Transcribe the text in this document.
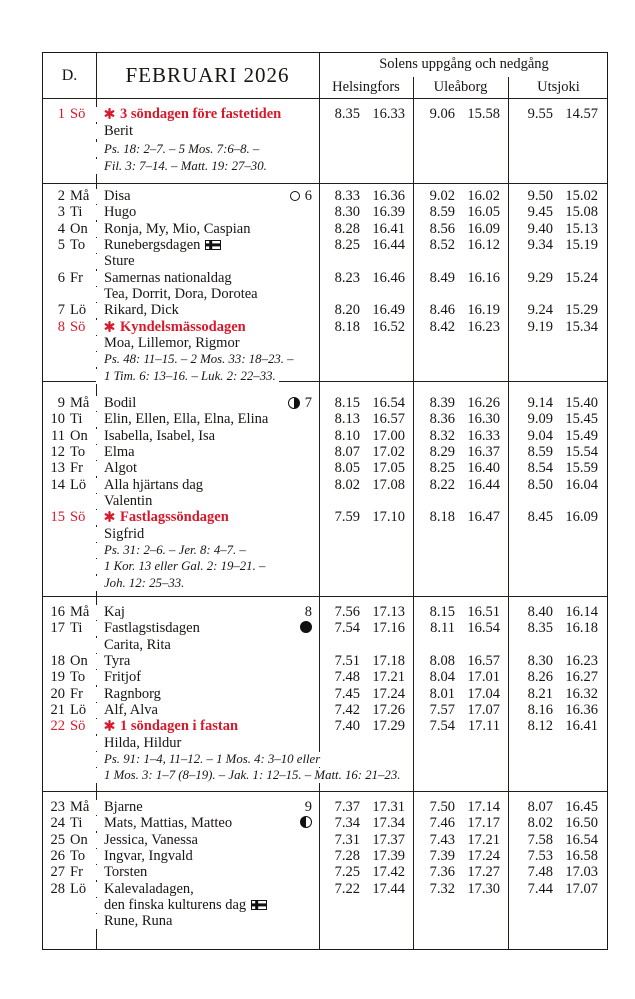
D.	FEBRUARI 2026	Solens uppgång och nedgång
Helsingfors	Uleåborg	Utsjoki
1 Sö	3 söndagen före fastetiden
Berit
Ps. 18: 2–7. – 5 Mos. 7:6–8. –
Fil. 3: 7–14. – Matt. 19: 27–30.
8.35 16.33 9.06 15.58 9.55 14.57
2 Må	Disa	6 8.33 16.36 9.02 16.02 9.50 15.02
3 Ti	Hugo	8.30 16.39 8.59 16.05 9.45 15.08
4 On	Ronja, My, Mio, Caspian	8.28 16.41 8.56 16.09 9.40 15.13
5 To	Runebergsdagen
Sture
8.25 16.44 8.52 16.12 9.34 15.19
6 Fr	Samernas nationaldag
Tea, Dorrit, Dora, Dorotea
8.23 16.46 8.49 16.16 9.29 15.24
7 Lö	Rikard, Dick	8.20 16.49 8.46 16.19 9.24 15.29
8 Sö	Kyndelsmässodagen
Moa, Lillemor, Rigmor
Ps. 48: 11–15. – 2 Mos. 33: 18–23. –
1 Tim. 6: 13–16. – Luk. 2: 22–33.
8.18 16.52 8.42 16.23 9.19 15.34
9 Må	Bodil	7 8.15 16.54 8.39 16.26 9.14 15.40
10 Ti	Elin, Ellen, Ella, Elna, Elina	8.13 16.57 8.36 16.30 9.09 15.45
11 On	Isabella, Isabel, Isa	8.10 17.00 8.32 16.33 9.04 15.49
12 To	Elma	8.07 17.02 8.29 16.37 8.59 15.54
13 Fr	Algot	8.05 17.05 8.25 16.40 8.54 15.59
14 Lö	Alla hjärtans dag
Valentin
8.02 17.08 8.22 16.44 8.50 16.04
15 Sö	Fastlagssöndagen
Sigfrid
Ps. 31: 2–6. – Jer. 8: 4–7. –
1 Kor. 13 eller Gal. 2: 19–21. –
Joh. 12: 25–33.
7.59 17.10 8.18 16.47 8.45 16.09
16 Må	Kaj	8 7.56 17.13 8.15 16.51 8.40 16.14
17 Ti	Fastlagstisdagen
Carita, Rita
7.54 17.16 8.11 16.54 8.35 16.18
18 On	Tyra	7.51 17.18 8.08 16.57 8.30 16.23
19 To	Fritjof	7.48 17.21 8.04 17.01 8.26 16.27
20 Fr	Ragnborg	7.45 17.24 8.01 17.04 8.21 16.32
21 Lö	Alf, Alva	7.42 17.26 7.57 17.07 8.16 16.36
22 Sö	1 söndagen i fastan
Hilda, Hildur
Ps. 91: 1–4, 11–12. – 1 Mos. 4: 3–10 eller
1 Mos. 3: 1–7 (8–19). – Jak. 1: 12–15. – Matt. 16: 21–23.
7.40 17.29 7.54 17.11 8.12 16.41
23 Må	Bjarne	9 7.37 17.31 7.50 17.14 8.07 16.45
24 Ti	Mats, Mattias, Matteo	7.34 17.34 7.46 17.17 8.02 16.50
25 On	Jessica, Vanessa	7.31 17.37 7.43 17.21 7.58 16.54
26 To	Ingvar, Ingvald	7.28 17.39 7.39 17.24 7.53 16.58
27 Fr	Torsten	7.25 17.42 7.36 17.27 7.48 17.03
28 Lö	Kalevaladagen,
den finska kulturens dag
Rune, Runa
7.22 17.44 7.32 17.30 7.44 17.07
